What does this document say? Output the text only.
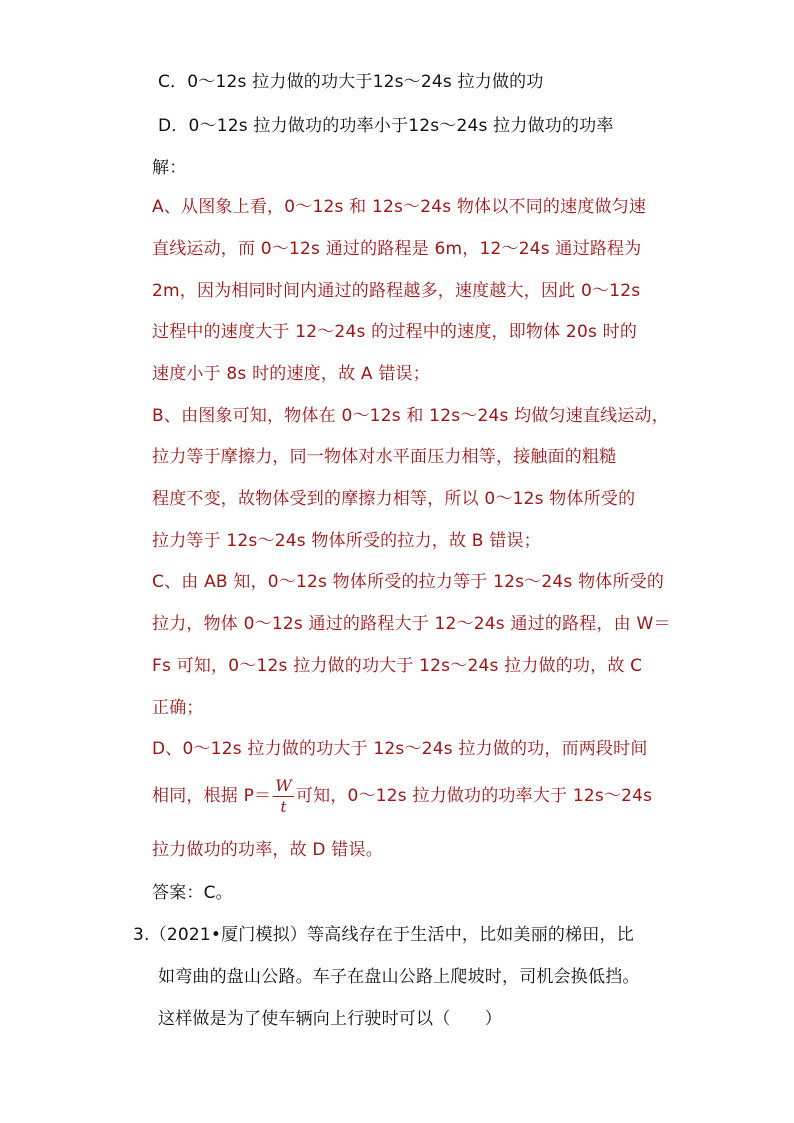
C．0～12s 拉力做的功大于12s～24s 拉力做的功
D．0～12s 拉力做功的功率小于12s～24s 拉力做功的功率
解：
A、从图象上看，0～12s 和 12s～24s 物体以不同的速度做匀速
直线运动，而 0～12s 通过的路程是 6m，12～24s 通过路程为
2m，因为相同时间内通过的路程越多，速度越大，因此 0～12s
过程中的速度大于 12～24s 的过程中的速度，即物体 20s 时的
速度小于 8s 时的速度，故 A 错误；
B、由图象可知，物体在 0～12s 和 12s～24s 均做匀速直线运动，
拉力等于摩擦力，同一物体对水平面压力相等，接触面的粗糙
程度不变，故物体受到的摩擦力相等，所以 0～12s 物体所受的
拉力等于 12s～24s 物体所受的拉力，故 B 错误；
C、由 AB 知，0～12s 物体所受的拉力等于 12s～24s 物体所受的
拉力，物体 0～12s 通过的路程大于 12～24s 通过的路程，由 W＝
Fs 可知，0～12s 拉力做的功大于 12s～24s 拉力做的功，故 C
正确；
D、0～12s 拉力做的功大于 12s～24s 拉力做的功，而两段时间
相同，根据 $P= \frac{W}{t}$ 可知，0～12s 拉力做功的功率大于 12s～24s
拉力做功的功率，故 D 错误。
答案：C。
3.（2021•厦门模拟）等高线存在于生活中，比如美丽的梯田，比
如弯曲的盘山公路。车子在盘山公路上爬坡时，司机会换低挡。
这样做是为了使车辆向上行驶时可以（　　）
